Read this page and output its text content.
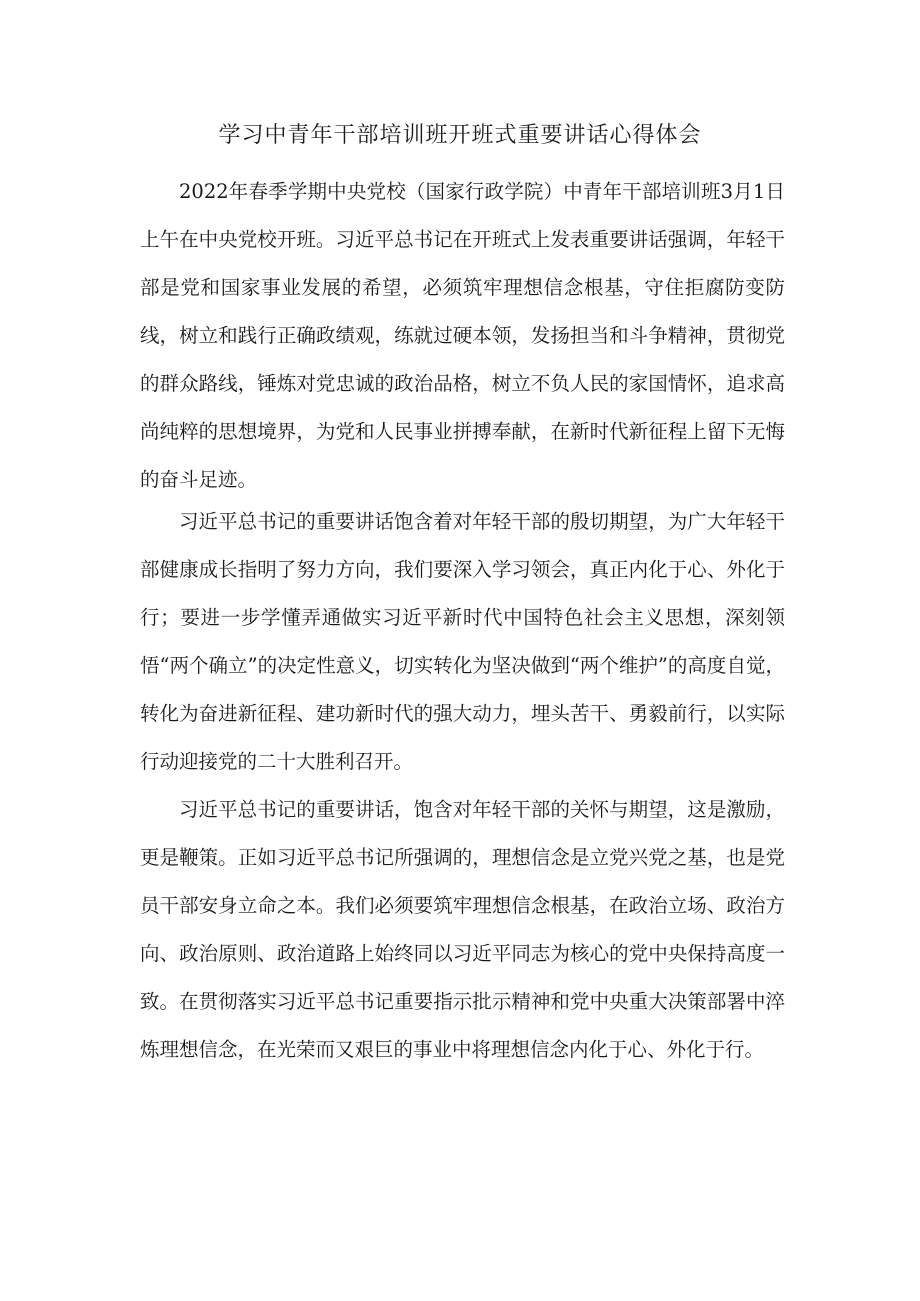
学习中青年干部培训班开班式重要讲话心得体会

2022年春季学期中央党校（国家行政学院）中青年干部培训班3月1日上午在中央党校开班。习近平总书记在开班式上发表重要讲话强调，年轻干部是党和国家事业发展的希望，必须筑牢理想信念根基，守住拒腐防变防线，树立和践行正确政绩观，练就过硬本领，发扬担当和斗争精神，贯彻党的群众路线，锤炼对党忠诚的政治品格，树立不负人民的家国情怀，追求高尚纯粹的思想境界，为党和人民事业拼搏奉献，在新时代新征程上留下无悔的奋斗足迹。

习近平总书记的重要讲话饱含着对年轻干部的殷切期望，为广大年轻干部健康成长指明了努力方向，我们要深入学习领会，真正内化于心、外化于行；要进一步学懂弄通做实习近平新时代中国特色社会主义思想，深刻领悟“两个确立”的决定性意义，切实转化为坚决做到“两个维护”的高度自觉，转化为奋进新征程、建功新时代的强大动力，埋头苦干、勇毅前行，以实际行动迎接党的二十大胜利召开。

习近平总书记的重要讲话，饱含对年轻干部的关怀与期望，这是激励，更是鞭策。正如习近平总书记所强调的，理想信念是立党兴党之基，也是党员干部安身立命之本。我们必须要筑牢理想信念根基，在政治立场、政治方向、政治原则、政治道路上始终同以习近平同志为核心的党中央保持高度一致。在贯彻落实习近平总书记重要指示批示精神和党中央重大决策部署中淬炼理想信念，在光荣而又艰巨的事业中将理想信念内化于心、外化于行。
